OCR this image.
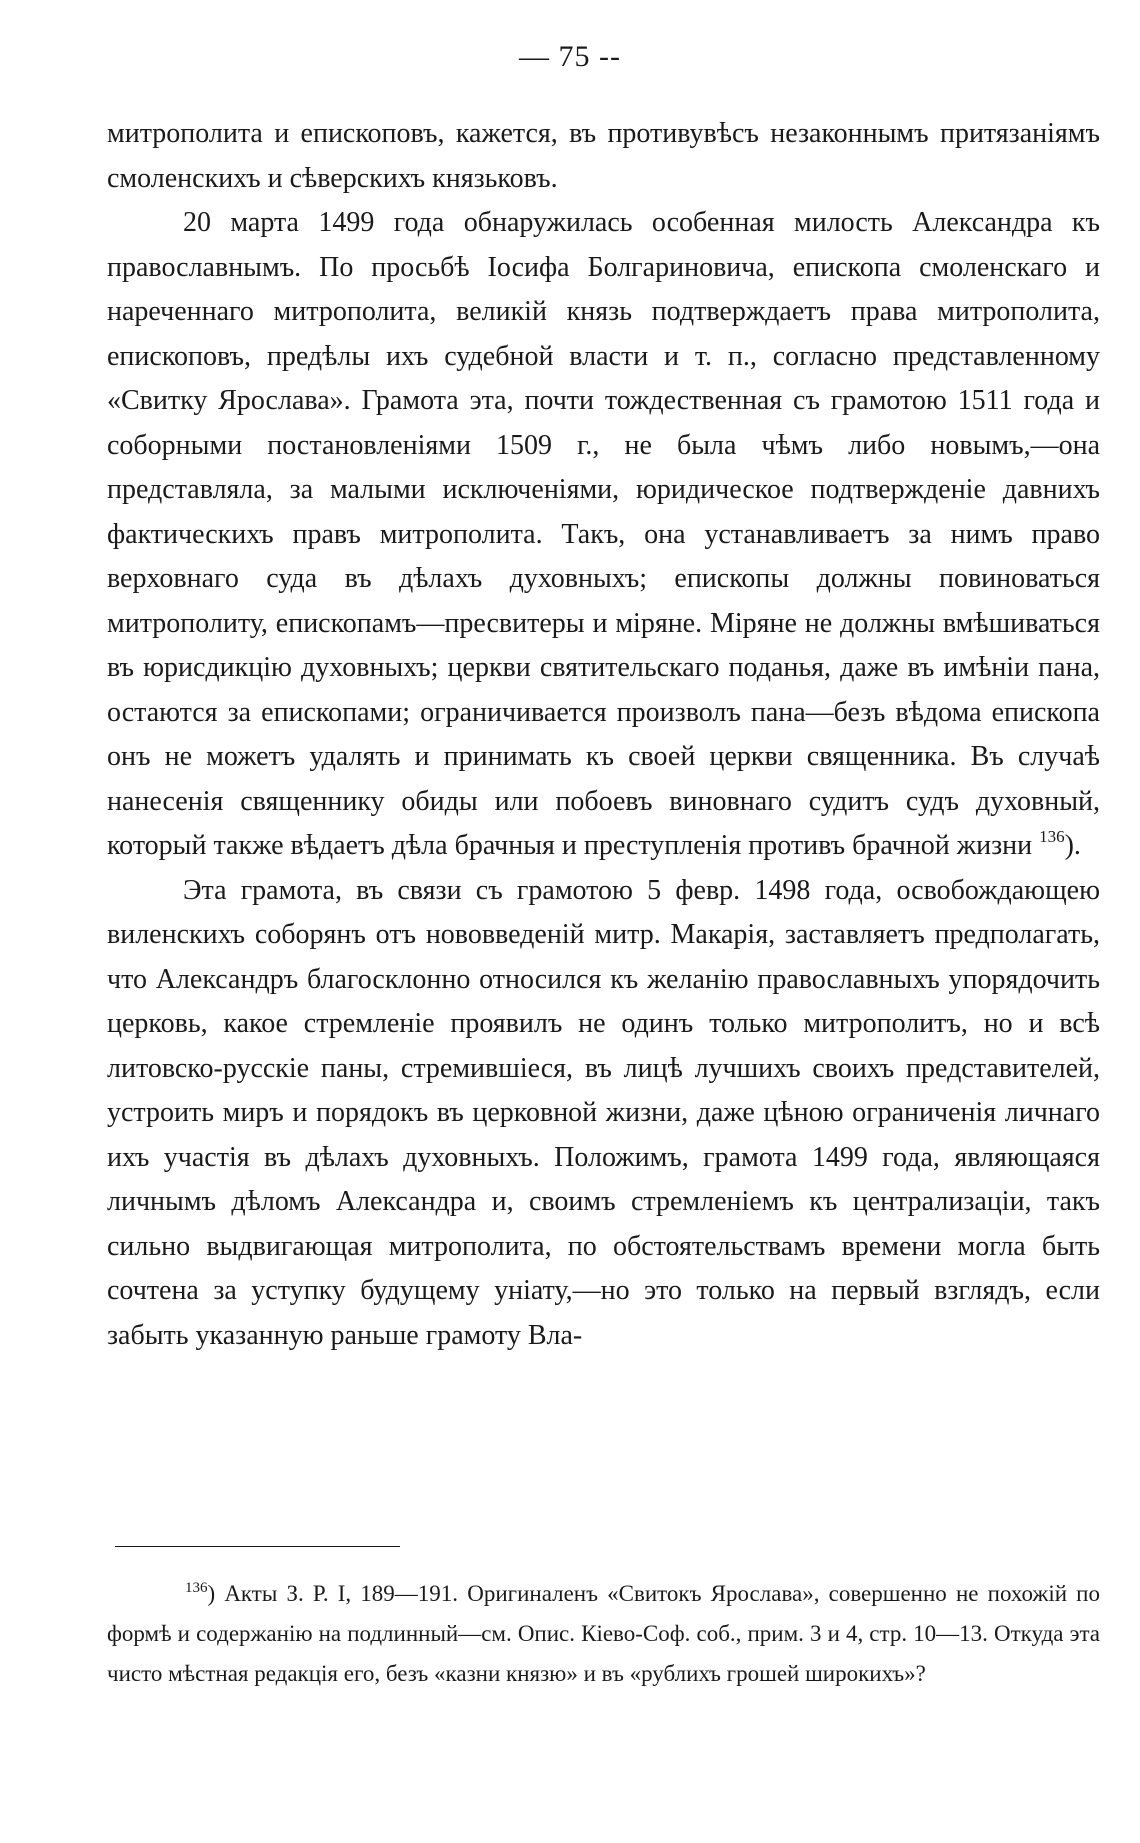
— 75 --

митрополита и епископовъ, кажется, въ противувѣсъ незаконнымъ притязаніямъ смоленскихъ и сѣверскихъ князьковъ.

20 марта 1499 года обнаружилась особенная милость Александра къ православнымъ. По просьбѣ Іосифа Болгариновича, епископа смоленскаго и нареченнаго митрополита, великій князь подтверждаетъ права митрополита, епископовъ, предѣлы ихъ судебной власти и т. п., согласно представленному «Свитку Ярослава». Грамота эта, почти тождественная съ грамотою 1511 года и соборными постановленіями 1509 г., не была чѣмъ либо новымъ,—она представляла, за малыми исключеніями, юридическое подтвержденіе давнихъ фактическихъ правъ митрополита. Такъ, она устанавливаетъ за нимъ право верховнаго суда въ дѣлахъ духовныхъ; епископы должны повиноваться митрополиту, епископамъ—пресвитеры и міряне. Міряне не должны вмѣшиваться въ юрисдикцію духовныхъ; церкви святительскаго поданья, даже въ имѣніи пана, остаются за епископами; ограничивается произволъ пана—безъ вѣдома епископа онъ не можетъ удалять и принимать къ своей церкви священника. Въ случаѣ нанесенія священнику обиды или побоевъ виновнаго судитъ судъ духовный, который также вѣдаетъ дѣла брачныя и преступленія противъ брачной жизни $^{136}$).

Эта грамота, въ связи съ грамотою 5 февр. 1498 года, освобождающею виленскихъ соборянъ отъ нововведеній митр. Макарія, заставляетъ предполагать, что Александръ благосклонно относился къ желанію православныхъ упорядочить церковь, какое стремленіе проявилъ не одинъ только митрополитъ, но и всѣ литовско-русскіе паны, стремившіеся, въ лицѣ лучшихъ своихъ представителей, устроить миръ и порядокъ въ церковной жизни, даже цѣною ограниченія личнаго ихъ участія въ дѣлахъ духовныхъ. Положимъ, грамота 1499 года, являющаяся личнымъ дѣломъ Александра и, своимъ стремленіемъ къ централизаціи, такъ сильно выдвигающая митрополита, по обстоятельствамъ времени могла быть сочтена за уступку будущему уніату,—но это только на первый взглядъ, если забыть указанную раньше грамоту Вла-

$^{136}$) Акты З. Р. I, 189—191. Оригиналенъ «Свитокъ Ярослава», совершенно не похожій по формѣ и содержанію на подлинный—см. Опис. Кіево-Соф. соб., прим. 3 и 4, стр. 10—13. Откуда эта чисто мѣстная редакція его, безъ «казни князю» и въ «рублихъ грошей широкихъ»?
